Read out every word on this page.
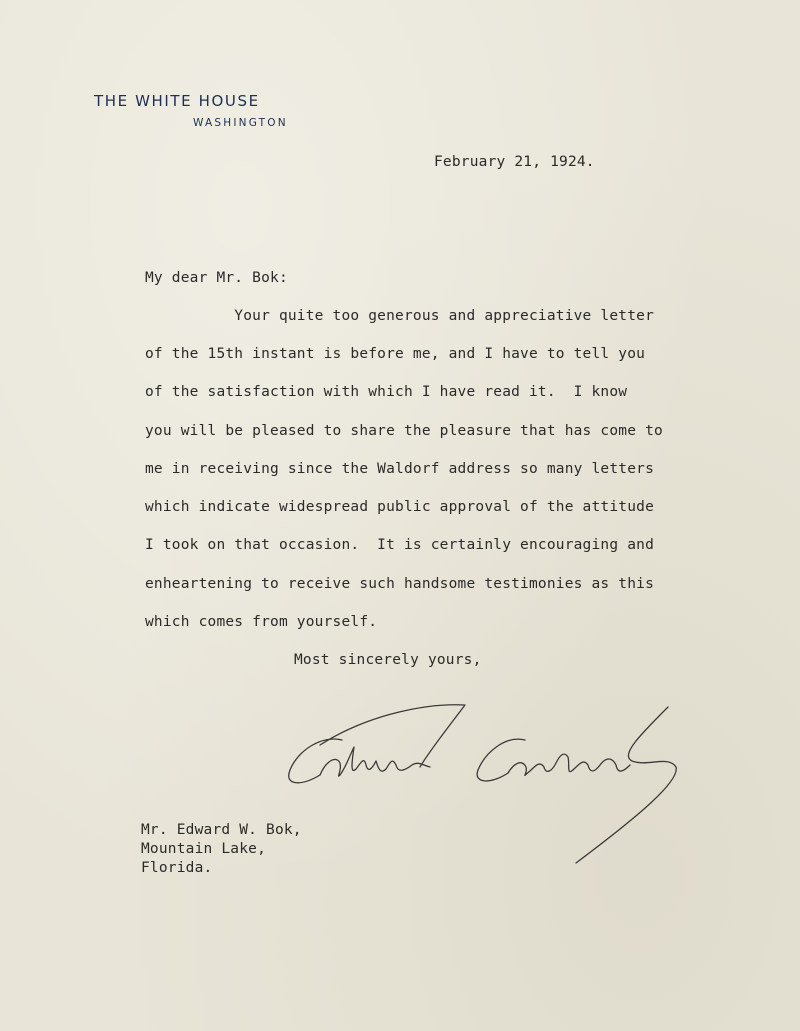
THE WHITE HOUSE
WASHINGTON
February 21, 1924.
My dear Mr. Bok:
Your quite too generous and appreciative letter
of the 15th instant is before me, and I have to tell you
of the satisfaction with which I have read it.  I know
you will be pleased to share the pleasure that has come to
me in receiving since the Waldorf address so many letters
which indicate widespread public approval of the attitude
I took on that occasion.  It is certainly encouraging and
enheartening to receive such handsome testimonies as this
which comes from yourself.
Most sincerely yours,
Mr. Edward W. Bok,
Mountain Lake,
Florida.
